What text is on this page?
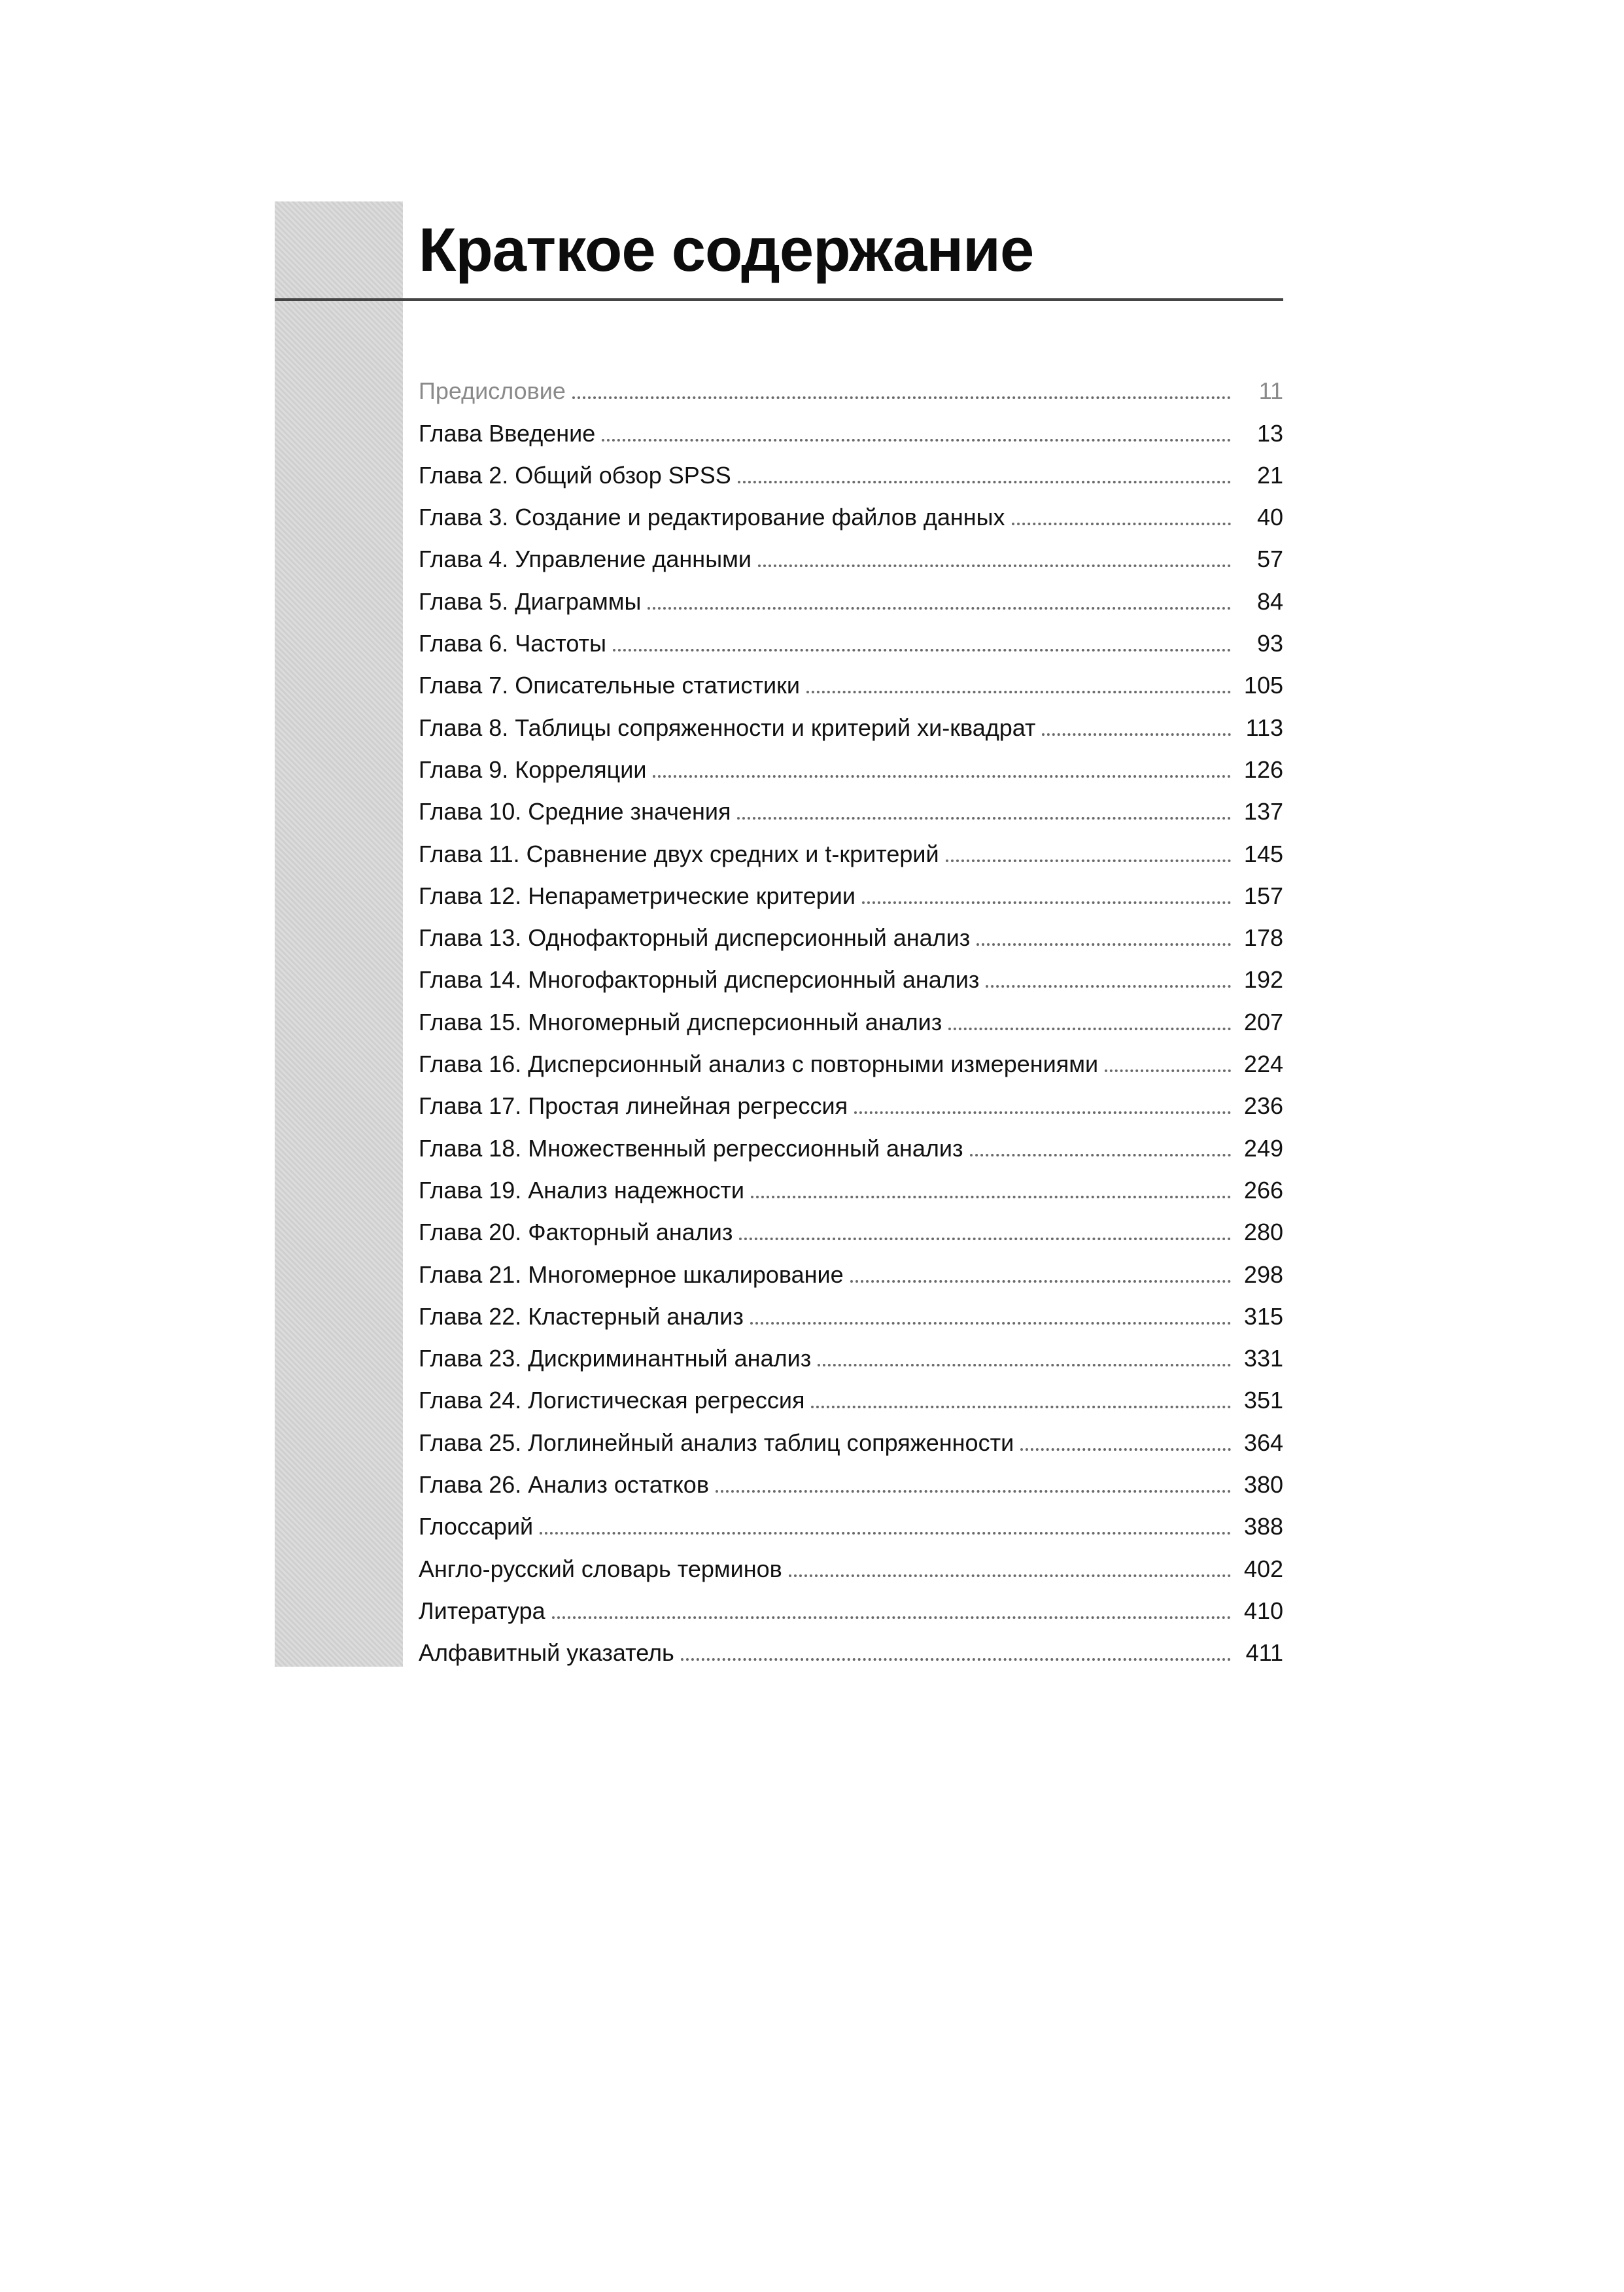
Краткое содержание
Предисловие	11
Глава Введение	13
Глава 2. Общий обзор SPSS	21
Глава 3. Создание и редактирование файлов данных	40
Глава 4. Управление данными	57
Глава 5. Диаграммы	84
Глава 6. Частоты	93
Глава 7. Описательные статистики	105
Глава 8. Таблицы сопряженности и критерий хи-квадрат	113
Глава 9. Корреляции	126
Глава 10. Средние значения	137
Глава 11. Сравнение двух средних и t-критерий	145
Глава 12. Непараметрические критерии	157
Глава 13. Однофакторный дисперсионный анализ	178
Глава 14. Многофакторный дисперсионный анализ	192
Глава 15. Многомерный дисперсионный анализ	207
Глава 16. Дисперсионный анализ с повторными измерениями	224
Глава 17. Простая линейная регрессия	236
Глава 18. Множественный регрессионный анализ	249
Глава 19. Анализ надежности	266
Глава 20. Факторный анализ	280
Глава 21. Многомерное шкалирование	298
Глава 22. Кластерный анализ	315
Глава 23. Дискриминантный анализ	331
Глава 24. Логистическая регрессия	351
Глава 25. Логлинейный анализ таблиц сопряженности	364
Глава 26. Анализ остатков	380
Глоссарий	388
Англо-русский словарь терминов	402
Литература	410
Алфавитный указатель	411
